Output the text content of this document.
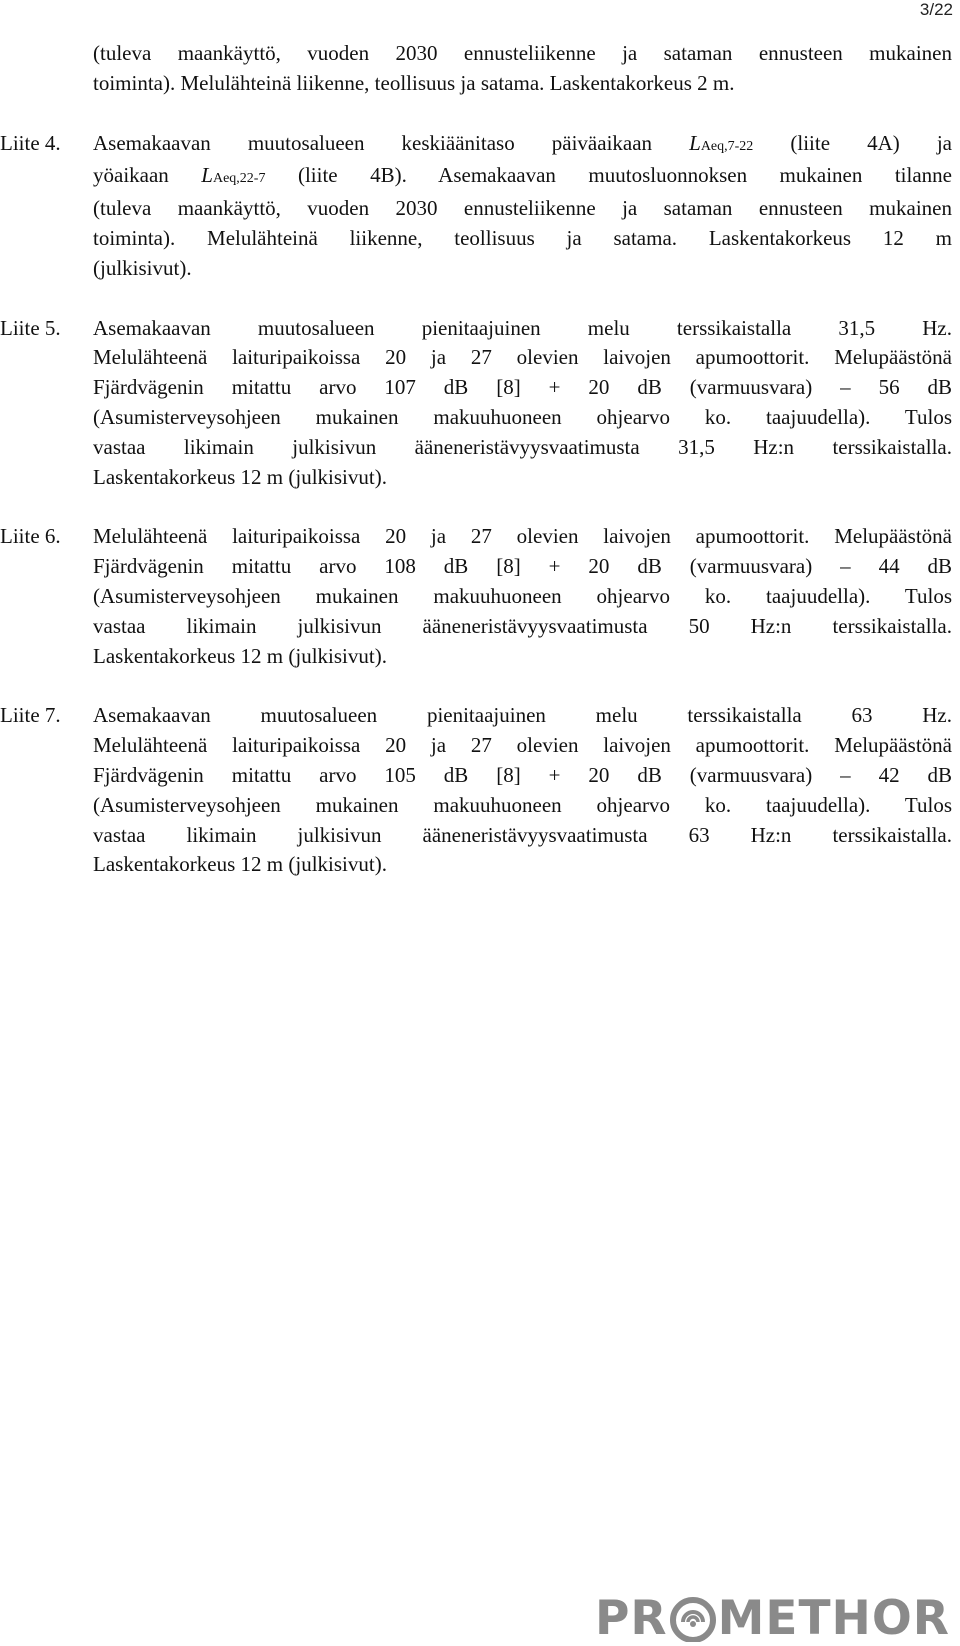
3/22
(tuleva maankäyttö, vuoden 2030 ennusteliikenne ja sataman ennusteen mukainen
toiminta). Melulähteinä liikenne, teollisuus ja satama. Laskentakorkeus 2 m.
Liite 4.	Asemakaavan muutosalueen keskiäänitaso päiväaikaan LAeq,7-22 (liite 4A) ja
yöaikaan LAeq,22-7 (liite 4B). Asemakaavan muutosluonnoksen mukainen tilanne
(tuleva maankäyttö, vuoden 2030 ennusteliikenne ja sataman ennusteen mukainen
toiminta). Melulähteinä liikenne, teollisuus ja satama. Laskentakorkeus 12 m
(julkisivut).
Liite 5.	Asemakaavan muutosalueen pienitaajuinen melu terssikaistalla 31,5 Hz.
Melulähteenä laituripaikoissa 20 ja 27 olevien laivojen apumoottorit. Melupäästönä
Fjärdvägenin mitattu arvo 107 dB [8] + 20 dB (varmuusvara) – 56 dB
(Asumisterveysohjeen mukainen makuuhuoneen ohjearvo ko. taajuudella). Tulos
vastaa likimain julkisivun ääneneristävyysvaatimusta 31,5 Hz:n terssikaistalla.
Laskentakorkeus 12 m (julkisivut).
Liite 6.	Melulähteenä laituripaikoissa 20 ja 27 olevien laivojen apumoottorit. Melupäästönä
Fjärdvägenin mitattu arvo 108 dB [8] + 20 dB (varmuusvara) – 44 dB
(Asumisterveysohjeen mukainen makuuhuoneen ohjearvo ko. taajuudella). Tulos
vastaa likimain julkisivun ääneneristävyysvaatimusta 50 Hz:n terssikaistalla.
Laskentakorkeus 12 m (julkisivut).
Liite 7.	Asemakaavan muutosalueen pienitaajuinen melu terssikaistalla 63 Hz.
Melulähteenä laituripaikoissa 20 ja 27 olevien laivojen apumoottorit. Melupäästönä
Fjärdvägenin mitattu arvo 105 dB [8] + 20 dB (varmuusvara) – 42 dB
(Asumisterveysohjeen mukainen makuuhuoneen ohjearvo ko. taajuudella). Tulos
vastaa likimain julkisivun ääneneristävyysvaatimusta 63 Hz:n terssikaistalla.
Laskentakorkeus 12 m (julkisivut).
PR METHOR
